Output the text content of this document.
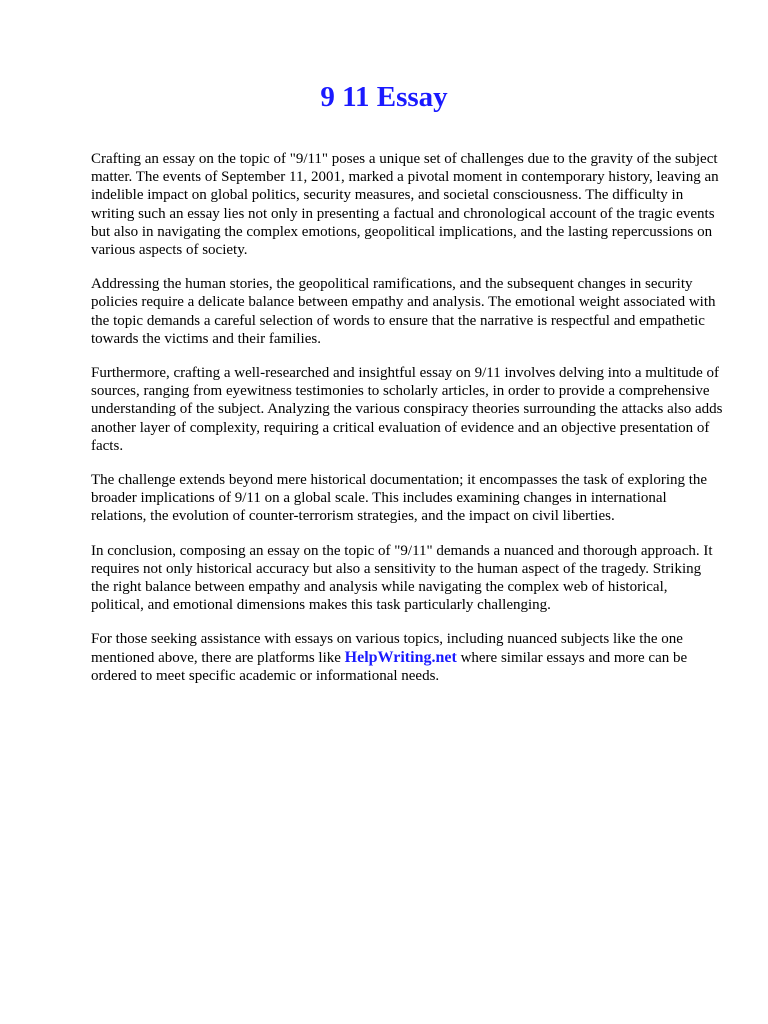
9 11 Essay

Crafting an essay on the topic of "9/11" poses a unique set of challenges due to the gravity of the subject matter. The events of September 11, 2001, marked a pivotal moment in contemporary history, leaving an indelible impact on global politics, security measures, and societal consciousness. The difficulty in writing such an essay lies not only in presenting a factual and chronological account of the tragic events but also in navigating the complex emotions, geopolitical implications, and the lasting repercussions on various aspects of society.

Addressing the human stories, the geopolitical ramifications, and the subsequent changes in security policies require a delicate balance between empathy and analysis. The emotional weight associated with the topic demands a careful selection of words to ensure that the narrative is respectful and empathetic towards the victims and their families.

Furthermore, crafting a well-researched and insightful essay on 9/11 involves delving into a multitude of sources, ranging from eyewitness testimonies to scholarly articles, in order to provide a comprehensive understanding of the subject. Analyzing the various conspiracy theories surrounding the attacks also adds another layer of complexity, requiring a critical evaluation of evidence and an objective presentation of facts.

The challenge extends beyond mere historical documentation; it encompasses the task of exploring the broader implications of 9/11 on a global scale. This includes examining changes in international relations, the evolution of counter-terrorism strategies, and the impact on civil liberties.

In conclusion, composing an essay on the topic of "9/11" demands a nuanced and thorough approach. It requires not only historical accuracy but also a sensitivity to the human aspect of the tragedy. Striking the right balance between empathy and analysis while navigating the complex web of historical, political, and emotional dimensions makes this task particularly challenging.

For those seeking assistance with essays on various topics, including nuanced subjects like the one mentioned above, there are platforms like HelpWriting.net where similar essays and more can be ordered to meet specific academic or informational needs.
